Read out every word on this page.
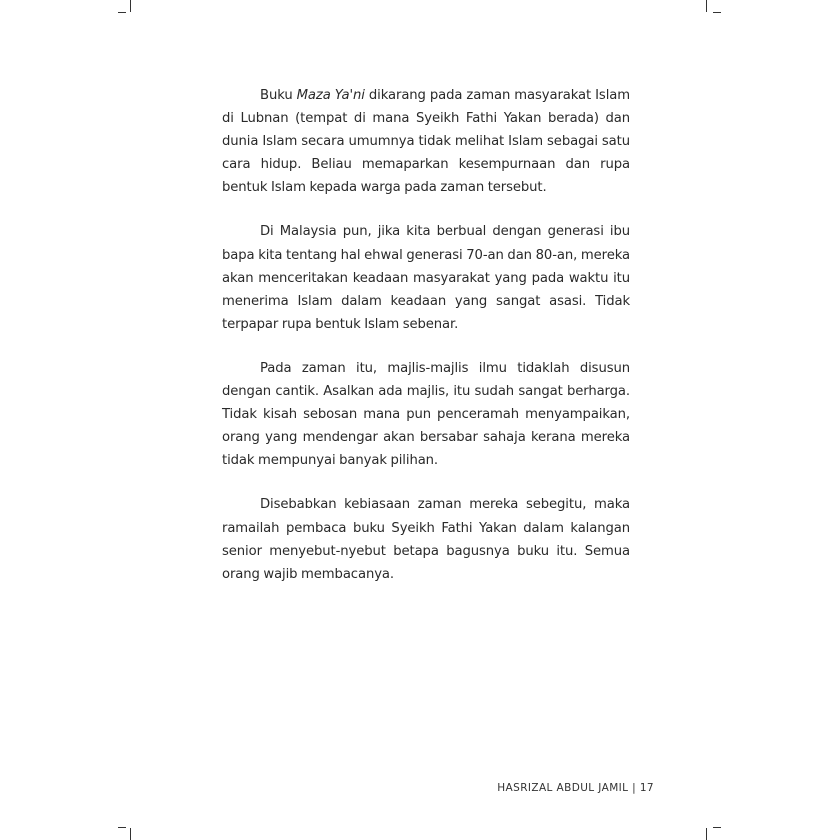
Buku Maza Ya'ni dikarang pada zaman masyarakat Islam di Lubnan (tempat di mana Syeikh Fathi Yakan berada) dan dunia Islam secara umumnya tidak melihat Islam sebagai satu cara hidup. Beliau memaparkan kesempurnaan dan rupa bentuk Islam kepada warga pada zaman tersebut.

Di Malaysia pun, jika kita berbual dengan generasi ibu bapa kita tentang hal ehwal generasi 70-an dan 80-an, mereka akan menceritakan keadaan masyarakat yang pada waktu itu menerima Islam dalam keadaan yang sangat asasi. Tidak terpapar rupa bentuk Islam sebenar.

Pada zaman itu, majlis-majlis ilmu tidaklah disusun dengan cantik. Asalkan ada majlis, itu sudah sangat berharga. Tidak kisah sebosan mana pun penceramah menyampaikan, orang yang mendengar akan bersabar sahaja kerana mereka tidak mempunyai banyak pilihan.

Disebabkan kebiasaan zaman mereka sebegitu, maka ramailah pembaca buku Syeikh Fathi Yakan dalam kalangan senior menyebut-nyebut betapa bagusnya buku itu. Semua orang wajib membacanya.

HASRIZAL ABDUL JAMIL | 17
